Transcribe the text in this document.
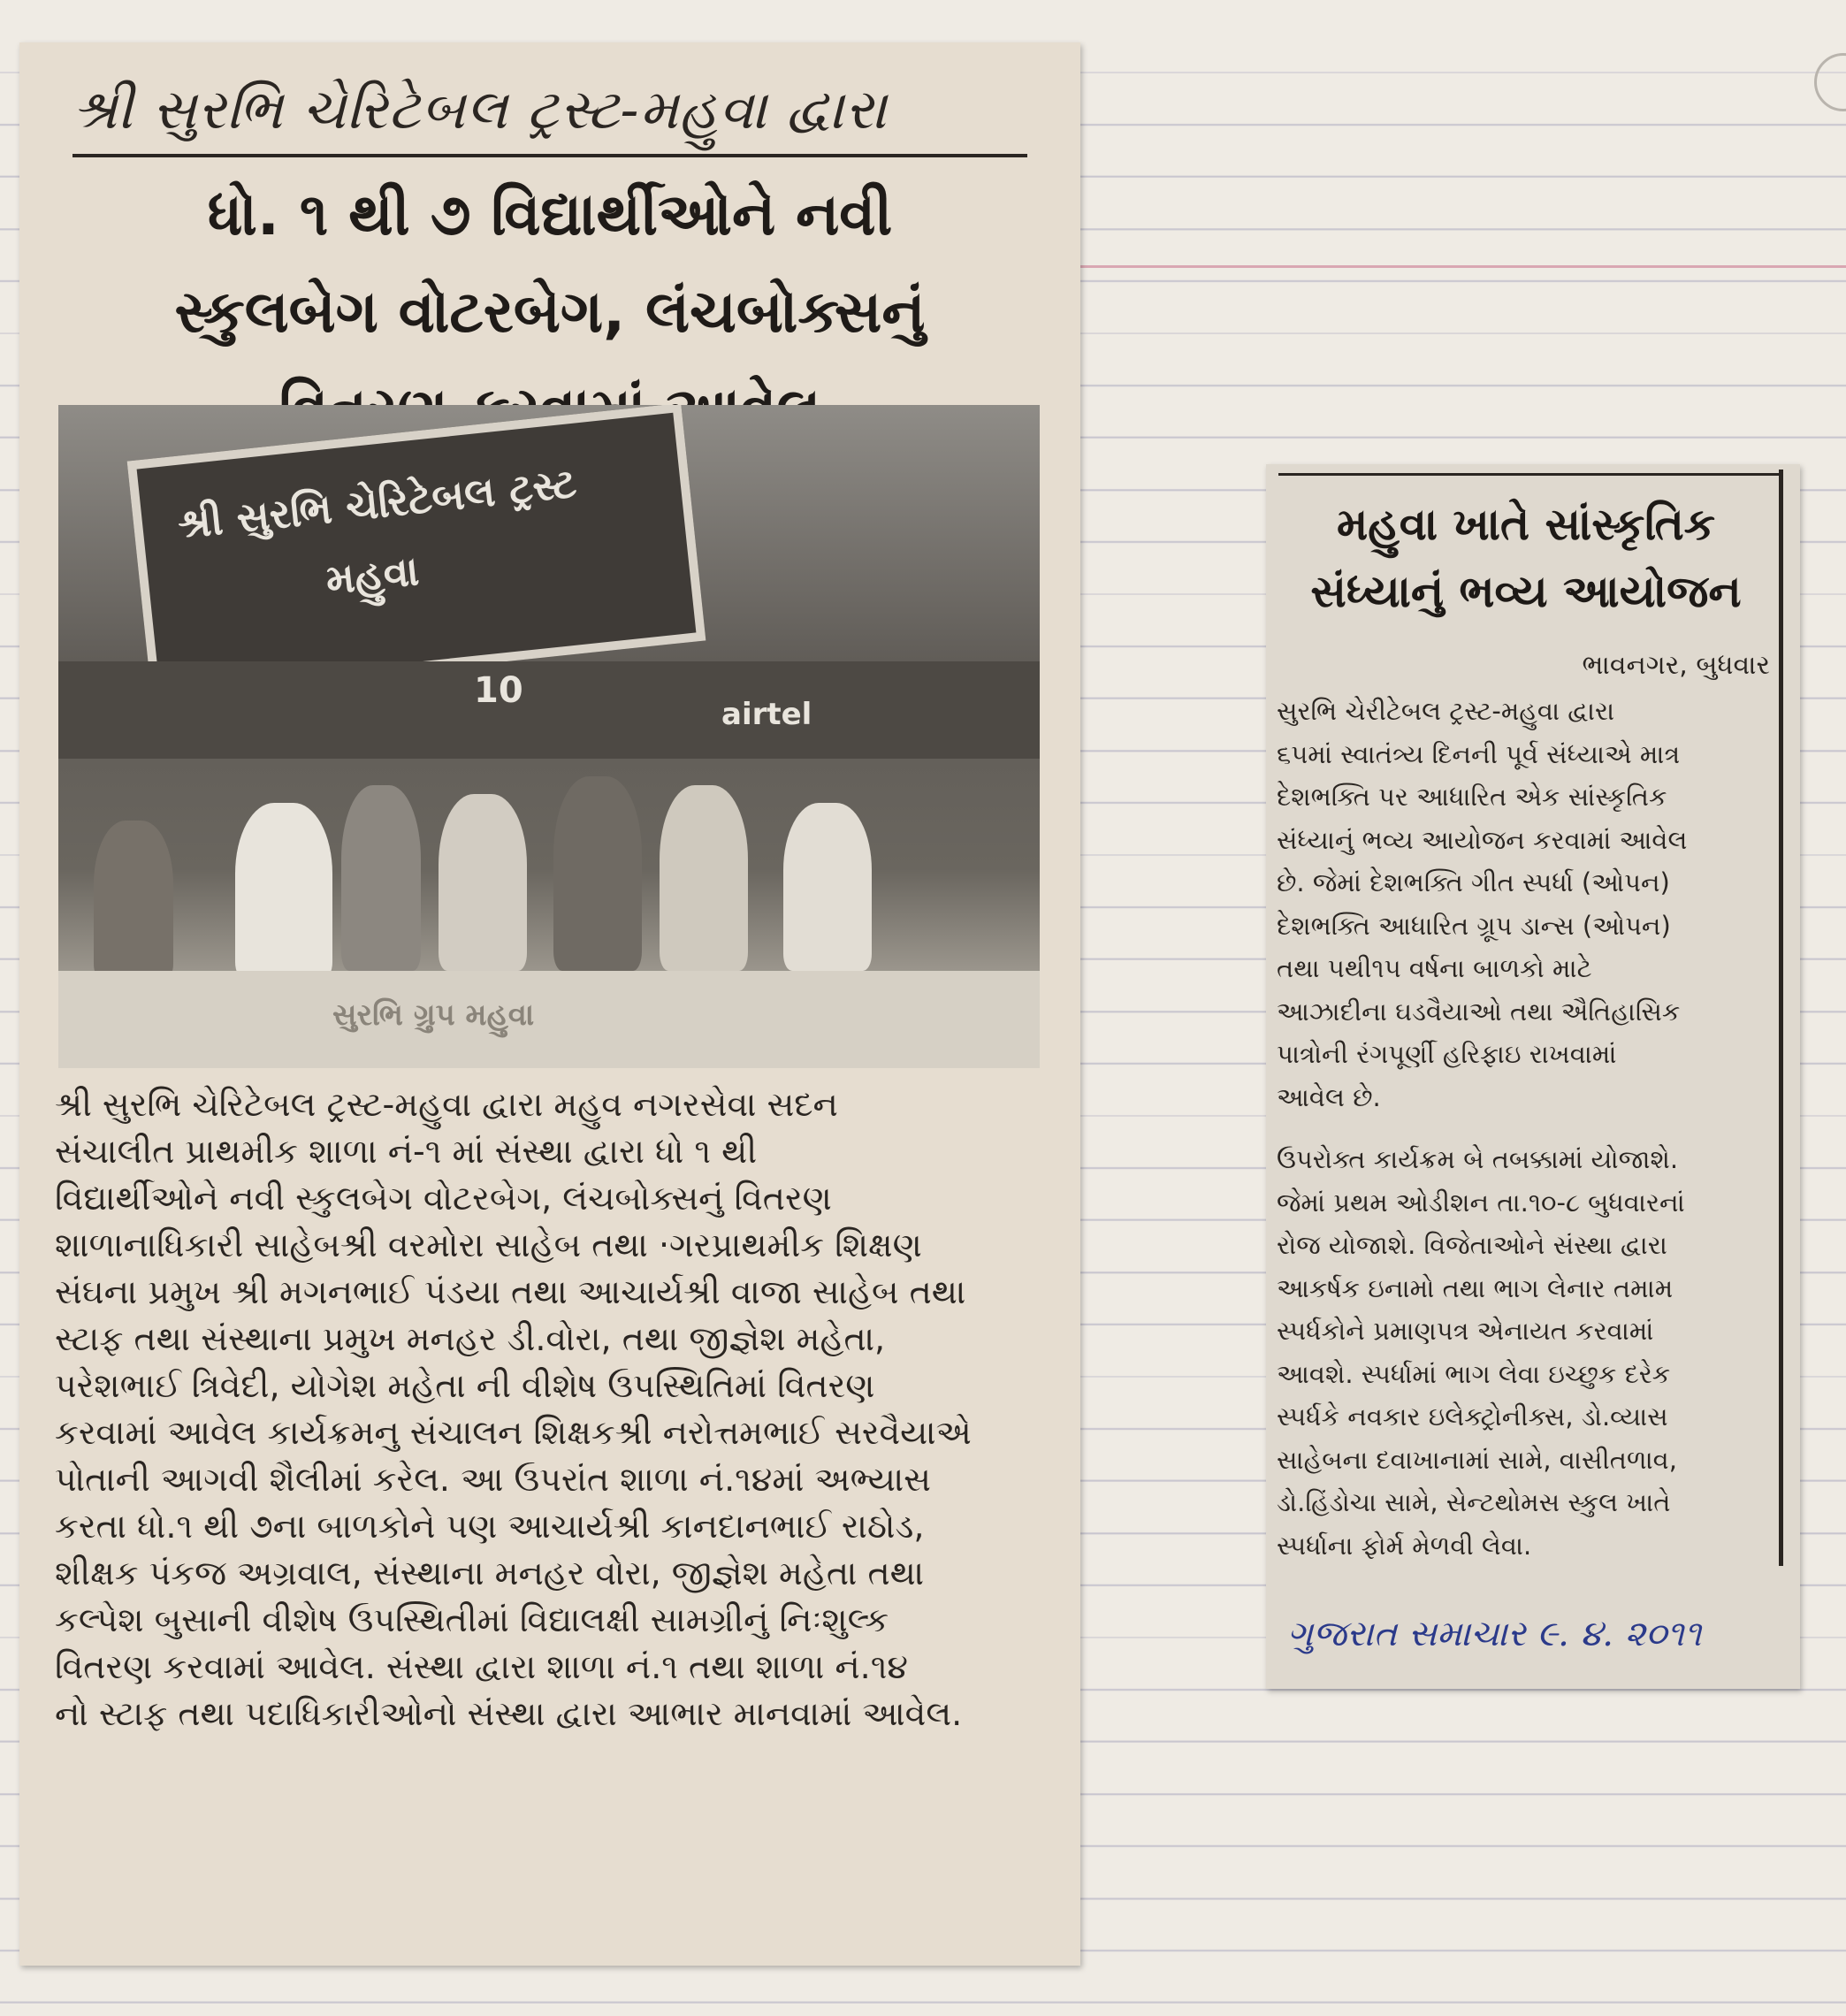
શ્રી સુરભિ ચેરિટેબલ ટ્રસ્ટ-મહુવા દ્વારા
ધો. ૧ થી ૭ વિદ્યાર્થીઓને નવી
સ્કુલબેગ વોટરબેગ, લંચબોક્સનું
શ્રી સુરભિ ચેરિટેબલ ટ્રસ્ટ
મહુવા
10
airtel
સુરભિ ગ્રુપ મહુવા

શ્રી સુરભિ ચેરિટેબલ ટ્રસ્ટ-મહુવા દ્વારા મહુવ નગરસેવા સદન

સંચાલીત પ્રાથમીક શાળા નં-૧ માં સંસ્થા દ્વારા ધો ૧ થી

વિદ્યાર્થીઓને નવી સ્કુલબેગ વોટરબેગ, લંચબોક્સનું વિતરણ

શાળાનાધિકારી સાહેબશ્રી વરમોરા સાહેબ તથા ·ગરપ્રાથમીક શિક્ષણ

સંઘના પ્રમુખ શ્રી મગનભાઈ પંડયા તથા આચાર્યશ્રી વાજા સાહેબ તથા

સ્ટાફ તથા સંસ્થાના પ્રમુખ મનહર ડી.વોરા, તથા જીજ્ઞેશ મહેતા,

પરેશભાઈ ત્રિવેદી, યોગેશ મહેતા ની વીશેષ ઉપસ્થિતિમાં વિતરણ

કરવામાં આવેલ કાર્યક્રમનુ સંચાલન શિક્ષકશ્રી નરોત્તમભાઈ સરવૈયાએ

પોતાની આગવી શૈલીમાં કરેલ. આ ઉપરાંત શાળા નં.૧૪માં અભ્યાસ

કરતા ધો.૧ થી ૭ના બાળકોને પણ આચાર્યશ્રી કાનદાનભાઈ રાઠોડ,

શીક્ષક પંકજ અગ્રવાલ, સંસ્થાના મનહર વોરા, જીજ્ઞેશ મહેતા તથા

કલ્પેશ બુસાની વીશેષ ઉપસ્થિતીમાં વિદ્યાલક્ષી સામગ્રીનું નિઃશુલ્ક

વિતરણ કરવામાં આવેલ. સંસ્થા દ્વારા શાળા નં.૧ તથા શાળા નં.૧૪

નો સ્ટાફ તથા પદાધિકારીઓનો સંસ્થા દ્વારા આભાર માનવામાં આવેલ.

મહુવા ખાતે સાંસ્કૃતિક
સંધ્યાનું ભવ્ય આયોજન
ભાવનગર, બુધવાર

સુરભિ ચેરીટેબલ ટ્રસ્ટ-મહુવા દ્વારા

૬૫માં સ્વાતંત્ર્ય દિનની પૂર્વ સંધ્યાએ માત્ર

દેશભક્તિ પર આધારિત એક સાંસ્કૃતિક

સંધ્યાનું ભવ્ય આયોજન કરવામાં આવેલ

છે. જેમાં દેશભક્તિ ગીત સ્પર્ધા (ઓપન)

દેશભક્તિ આધારિત ગ્રૂપ ડાન્સ (ઓપન)

તથા ૫થી૧૫ વર્ષના બાળકો માટે

આઝાદીના ઘડવૈયાઓ તથા ઐતિહાસિક

પાત્રોની રંગપૂર્ણી હરિફાઇ રાખવામાં

આવેલ છે.

ઉપરોક્ત કાર્યક્રમ બે તબક્કામાં યોજાશે.

જેમાં પ્રથમ ઓડીશન તા.૧૦-૮ બુધવારનાં

રોજ યોજાશે. વિજેતાઓને સંસ્થા દ્વારા

આકર્ષક ઇનામો તથા ભાગ લેનાર તમામ

સ્પર્ધકોને પ્રમાણપત્ર એનાયત કરવામાં

આવશે. સ્પર્ધામાં ભાગ લેવા ઇચ્છુક દરેક

સ્પર્ધકે નવકાર ઇલેક્ટ્રોનીક્સ, ડો.વ્યાસ

સાહેબના દવાખાનામાં સામે, વાસીતળાવ,

ડો.હિંડોચા સામે, સેન્ટથોમસ સ્કુલ ખાતે

સ્પર્ધાના ફોર્મ મેળવી લેવા.

ગુજરાત સમાચાર ૯. ૪. ૨૦૧૧
